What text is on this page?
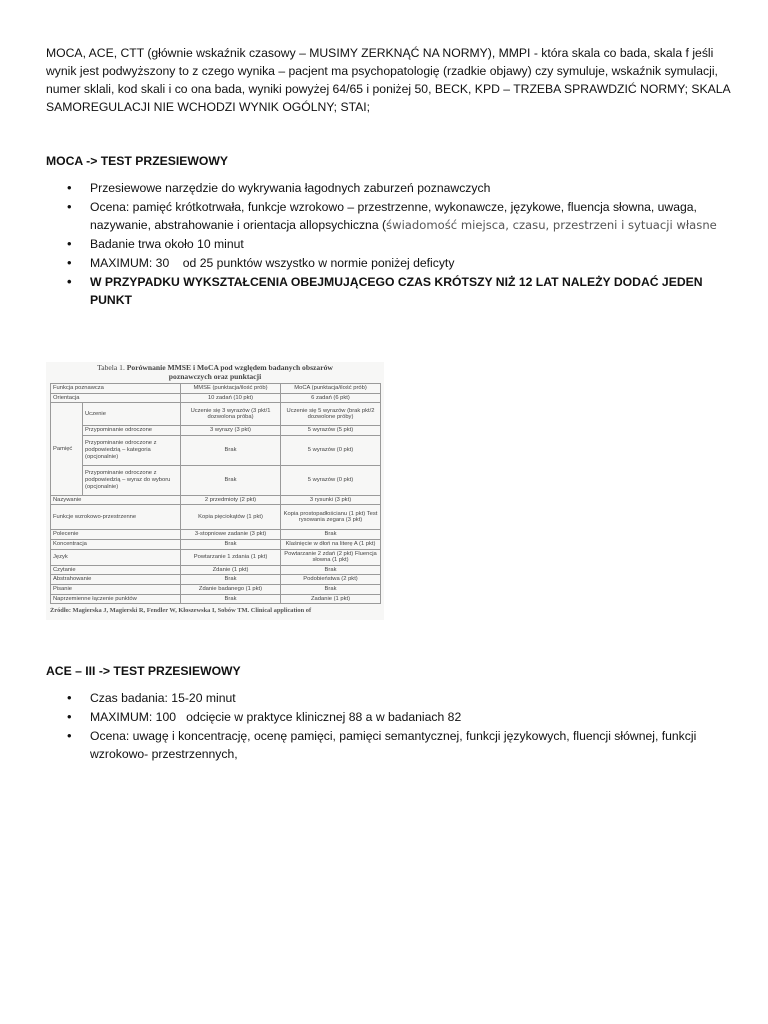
MOCA, ACE, CTT (głównie wskaźnik czasowy – MUSIMY ZERKNĄĆ NA NORMY), MMPI - która skala co bada, skala f jeśli wynik jest podwyższony to z czego wynika – pacjent ma psychopatologię (rzadkie objawy) czy symuluje, wskaźnik symulacji, numer sklali, kod skali i co ona bada, wyniki powyżej 64/65 i poniżej 50, BECK, KPD – TRZEBA SPRAWDZIĆ NORMY; SKALA SAMOREGULACJI NIE WCHODZI WYNIK OGÓLNY; STAI;

MOCA -> TEST PRZESIEWOWY

• Przesiewowe narzędzie do wykrywania łagodnych zaburzeń poznawczych
• Ocena: pamięć krótkotrwała, funkcje wzrokowo – przestrzenne, wykonawcze, językowe, fluencja słowna, uwaga, nazywanie, abstrahowanie i orientacja allopsychiczna (świadomość miejsca, czasu, przestrzeni i sytuacji własne
• Badanie trwa około 10 minut
• MAXIMUM: 30    od 25 punktów wszystko w normie poniżej deficyty
• W PRZYPADKU WYKSZTAŁCENIA OBEJMUJĄCEGO CZAS KRÓTSZY NIŻ 12 LAT NALEŻY DODAĆ JEDEN PUNKT
Tabela 1. Porównanie MMSE i MoCA pod względem badanych obszarów
poznawczych oraz punktacji
Funkcja poznawcza		MMSE (punktacja/ilość prób)	MoCA (punktacja/ilość prób)
Orientacja		10 zadań (10 pkt)	6 zadań (6 pkt)
Pamięć	Uczenie	Uczenie się 3 wyrazów (3 pkt/1 dozwolona próba)	Uczenie się 5 wyrazów (brak pkt/2 dozwolone próby)
	Przypominanie odroczone	3 wyrazy (3 pkt)	5 wyrazów (5 pkt)
	Przypominanie odroczone z podpowiedzią – kategoria (opcjonalnie)	Brak	5 wyrazów (0 pkt)
	Przypominanie odroczone z podpowiedzią – wyraz do wyboru (opcjonalnie)	Brak	5 wyrazów (0 pkt)
Nazywanie		2 przedmioty (2 pkt)	3 rysunki (3 pkt)
Funkcje wzrokowo-przestrzenne		Kopia pięciokątów (1 pkt)	Kopia prostopadłościanu (1 pkt) Test rysowania zegara (3 pkt)
Polecenie		3-stopniowe zadanie (3 pkt)	Brak
Koncentracja		Brak	Klaśnięcie w dłoń na literę A (1 pkt)
Język		Powtarzanie 1 zdania (1 pkt)	Powtarzanie 2 zdań (2 pkt) Fluencja słowna (1 pkt)
Czytanie		Zdanie (1 pkt)	Brak
Abstrahowanie		Brak	Podobieństwa (2 pkt)
Pisanie		Zdanie badanego (1 pkt)	Brak
Naprzemienne łączenie punktów		Brak	Zadanie (1 pkt)
Źródło: Magierska J, Magierski R, Fendler W, Kłoszewska I, Sobów TM. Clinical application of

ACE – III -> TEST PRZESIEWOWY

• Czas badania: 15-20 minut
• MAXIMUM: 100   odcięcie w praktyce klinicznej 88 a w badaniach 82
• Ocena: uwagę i koncentrację, ocenę pamięci, pamięci semantycznej, funkcji językowych, fluencji słównej, funkcji wzrokowo- przestrzennych,
